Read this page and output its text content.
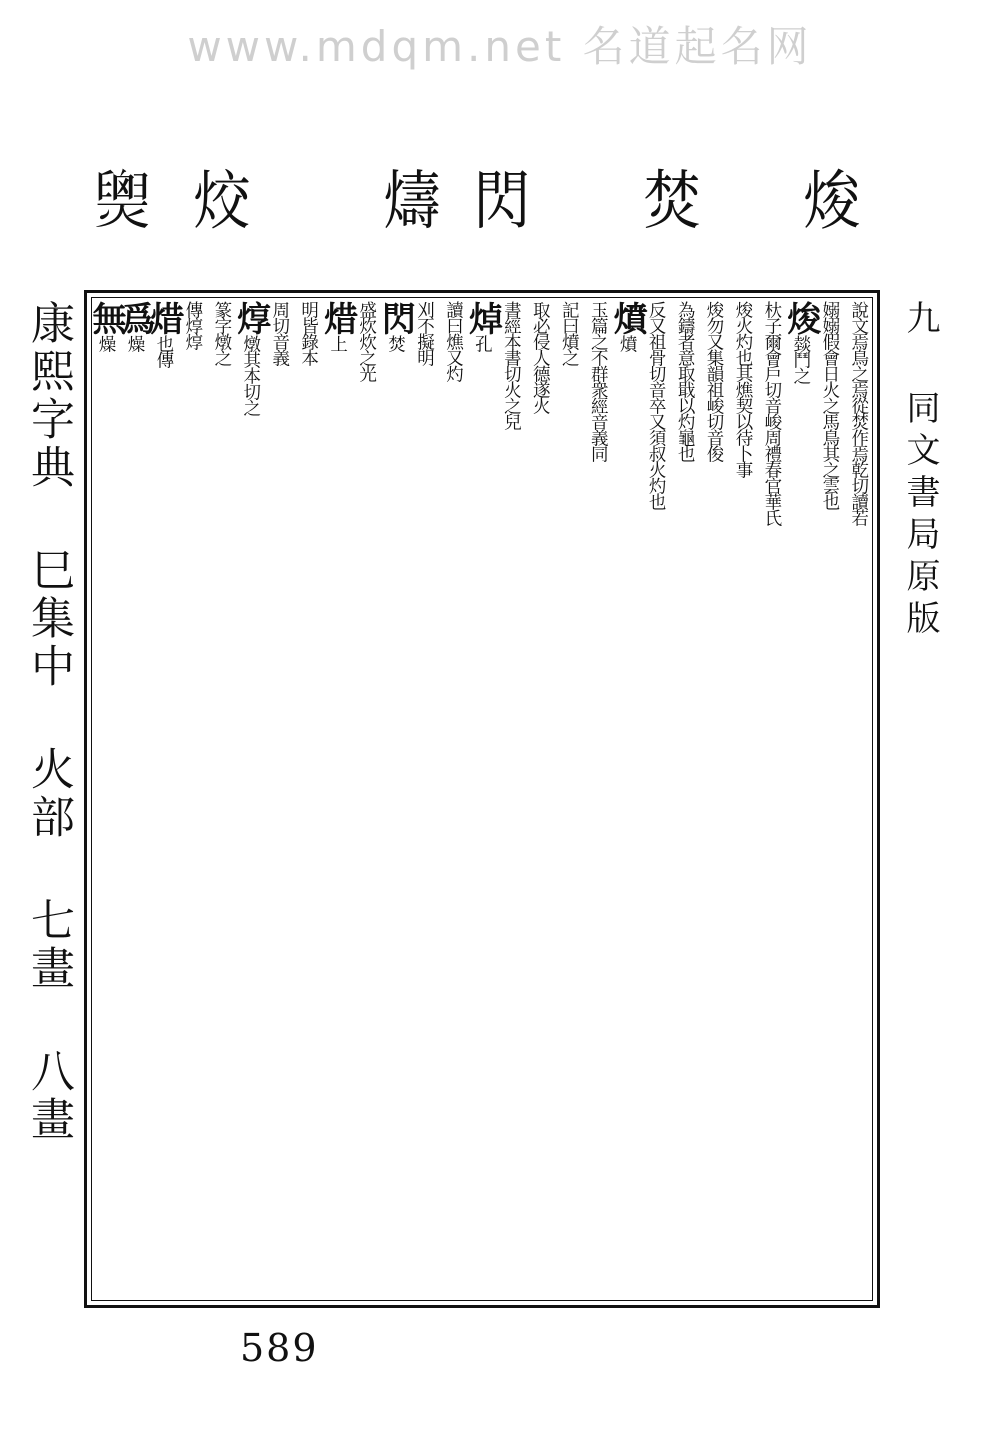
www.mdqm.net 名道起名网
𤐫 烄 燽 閃 焚 焌
康熙字典 巳集中 火部 七畫 八畫
說文焉鳥之焉從焚作焉乾切讀若
嫋嫋假會日火之馬鳥其之雲也
焌燅鬥之
杕子爾會戶切音峻周禮春官華氏
焌火灼也其燋契以待卜事
焌勿又集韻祖峻切音俊
為鑄者意取戢以灼龜也
反又祖骨切音卒又須叔火灼也
燌燌
玉篇之不群衆經音義同
記曰燌之
取必侵人德遂火
書經本書切火之兒
焯孔
讀曰燋又灼
刈不擬明
閃焚
盛炊炊之光
焟上
明皆錄本
周切音義
焞燉其本切之
篆字燉之
傳焞焞
焟也傳
爲燥
無燥
九 同文書局原版
589
